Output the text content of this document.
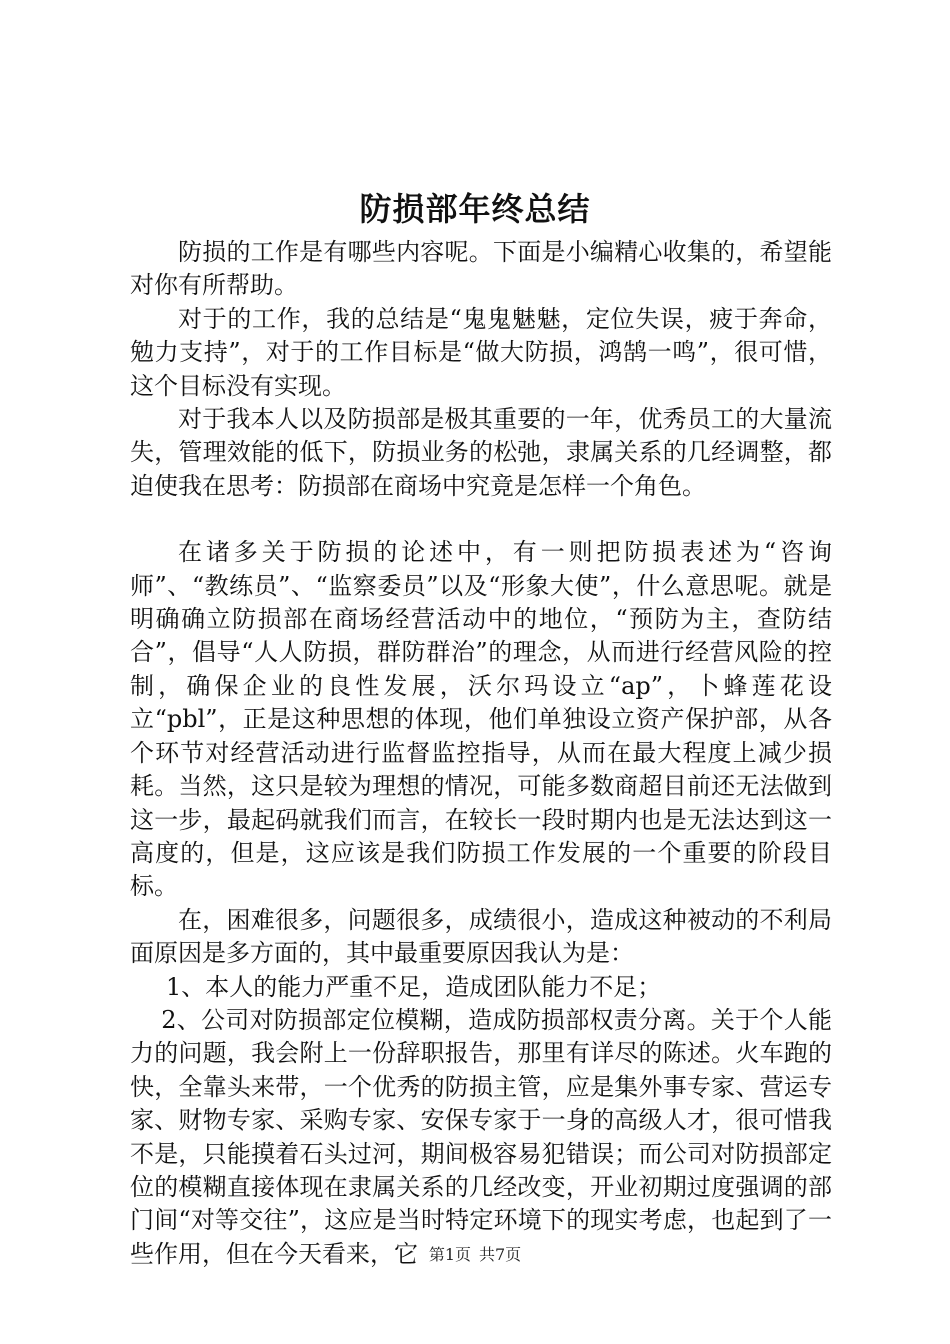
防损部年终总结

防损的工作是有哪些内容呢。下面是小编精心收集的，希望能对你有所帮助。

对于的工作，我的总结是“鬼鬼魅魅，定位失误，疲于奔命，勉力支持”，对于的工作目标是“做大防损，鸿鹄一鸣”，很可惜，这个目标没有实现。

对于我本人以及防损部是极其重要的一年，优秀员工的大量流失，管理效能的低下，防损业务的松弛，隶属关系的几经调整，都迫使我在思考：防损部在商场中究竟是怎样一个角色。

在诸多关于防损的论述中，有一则把防损表述为“咨询师”、“教练员”、“监察委员”以及“形象大使”，什么意思呢。就是明确确立防损部在商场经营活动中的地位，“预防为主，查防结合”，倡导“人人防损，群防群治”的理念，从而进行经营风险的控制，确保企业的良性发展，沃尔玛设立“ap”，卜蜂莲花设立“pbl”，正是这种思想的体现，他们单独设立资产保护部，从各个环节对经营活动进行监督监控指导，从而在最大程度上减少损耗。当然，这只是较为理想的情况，可能多数商超目前还无法做到这一步，最起码就我们而言，在较长一段时期内也是无法达到这一高度的，但是，这应该是我们防损工作发展的一个重要的阶段目标。

在，困难很多，问题很多，成绩很小，造成这种被动的不利局面原因是多方面的，其中最重要原因我认为是：

1、本人的能力严重不足，造成团队能力不足；

2、公司对防损部定位模糊，造成防损部权责分离。关于个人能力的问题，我会附上一份辞职报告，那里有详尽的陈述。火车跑的快，全靠头来带，一个优秀的防损主管，应是集外事专家、营运专家、财物专家、采购专家、安保专家于一身的高级人才，很可惜我不是，只能摸着石头过河，期间极容易犯错误；而公司对防损部定位的模糊直接体现在隶属关系的几经改变，开业初期过度强调的部门间“对等交往”，这应是当时特定环境下的现实考虑，也起到了一些作用，但在今天看来，它 第1页 共7页
